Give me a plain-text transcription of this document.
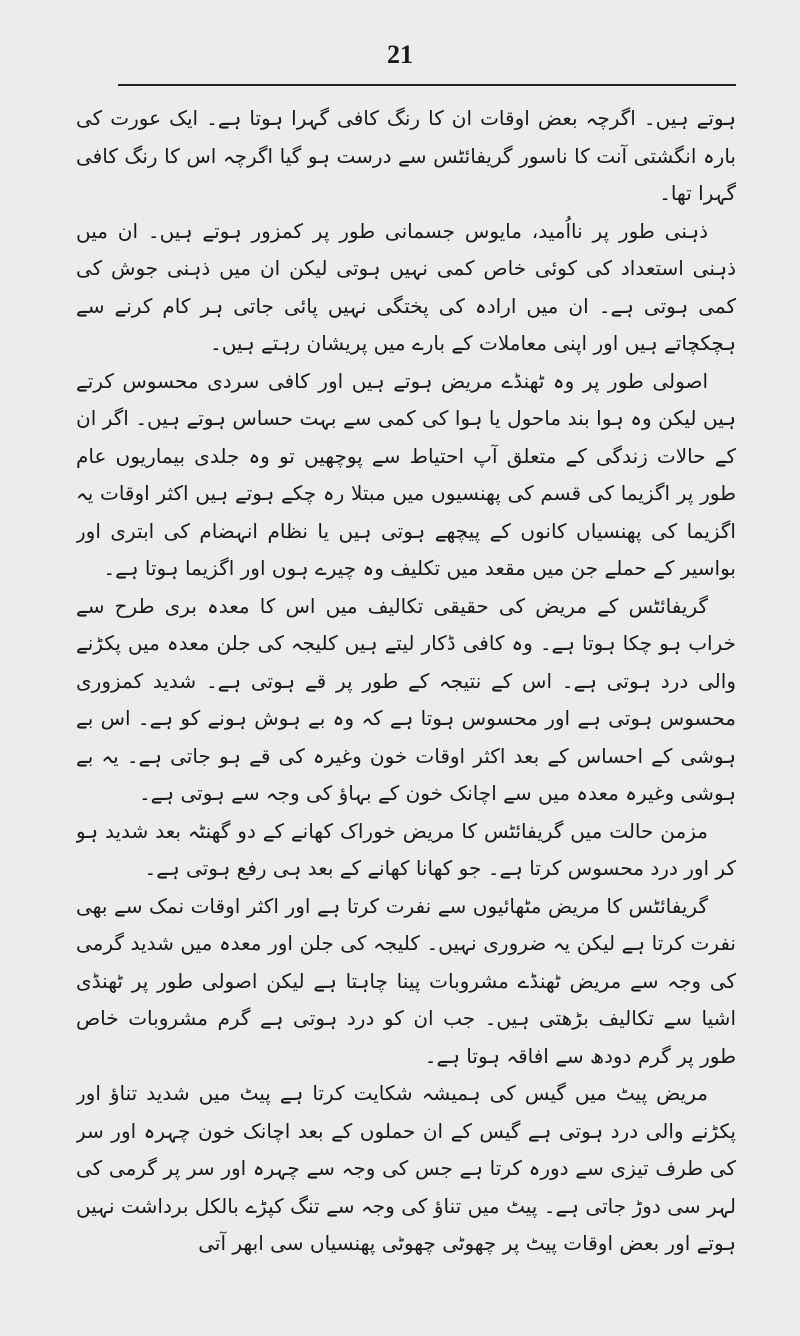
21

ہوتے ہیں۔ اگرچہ بعض اوقات ان کا رنگ کافی گہرا ہوتا ہے۔ ایک عورت کی بارہ انگشتی آنت کا ناسور گریفائٹس سے درست ہو گیا اگرچہ اس کا رنگ کافی گہرا تھا۔

ذہنی طور پر نااُمید، مایوس جسمانی طور پر کمزور ہوتے ہیں۔ ان میں ذہنی استعداد کی کوئی خاص کمی نہیں ہوتی لیکن ان میں ذہنی جوش کی کمی ہوتی ہے۔ ان میں ارادہ کی پختگی نہیں پائی جاتی ہر کام کرنے سے ہچکچاتے ہیں اور اپنی معاملات کے بارے میں پریشان رہتے ہیں۔

اصولی طور پر وہ ٹھنڈے مریض ہوتے ہیں اور کافی سردی محسوس کرتے ہیں لیکن وہ ہوا بند ماحول یا ہوا کی کمی سے بہت حساس ہوتے ہیں۔ اگر ان کے حالات زندگی کے متعلق آپ احتیاط سے پوچھیں تو وہ جلدی بیماریوں عام طور پر اگزیما کی قسم کی پھنسیوں میں مبتلا رہ چکے ہوتے ہیں اکثر اوقات یہ اگزیما کی پھنسیاں کانوں کے پیچھے ہوتی ہیں یا نظام انہضام کی ابتری اور بواسیر کے حملے جن میں مقعد میں تکلیف وہ چیرے ہوں اور اگزیما ہوتا ہے۔

گریفائٹس کے مریض کی حقیقی تکالیف میں اس کا معدہ بری طرح سے خراب ہو چکا ہوتا ہے۔ وہ کافی ڈکار لیتے ہیں کلیجہ کی جلن معدہ میں پکڑنے والی درد ہوتی ہے۔ اس کے نتیجہ کے طور پر قے ہوتی ہے۔ شدید کمزوری محسوس ہوتی ہے اور محسوس ہوتا ہے کہ وہ بے ہوش ہونے کو ہے۔ اس بے ہوشی کے احساس کے بعد اکثر اوقات خون وغیرہ کی قے ہو جاتی ہے۔ یہ بے ہوشی وغیرہ معدہ میں سے اچانک خون کے بہاؤ کی وجہ سے ہوتی ہے۔

مزمن حالت میں گریفائٹس کا مریض خوراک کھانے کے دو گھنٹہ بعد شدید ہو کر اور درد محسوس کرتا ہے۔ جو کھانا کھانے کے بعد ہی رفع ہوتی ہے۔

گریفائٹس کا مریض مٹھائیوں سے نفرت کرتا ہے اور اکثر اوقات نمک سے بھی نفرت کرتا ہے لیکن یہ ضروری نہیں۔ کلیجہ کی جلن اور معدہ میں شدید گرمی کی وجہ سے مریض ٹھنڈے مشروبات پینا چاہتا ہے لیکن اصولی طور پر ٹھنڈی اشیا سے تکالیف بڑھتی ہیں۔ جب ان کو درد ہوتی ہے گرم مشروبات خاص طور پر گرم دودھ سے افاقہ ہوتا ہے۔

مریض پیٹ میں گیس کی ہمیشہ شکایت کرتا ہے پیٹ میں شدید تناؤ اور پکڑنے والی درد ہوتی ہے گیس کے ان حملوں کے بعد اچانک خون چہرہ اور سر کی طرف تیزی سے دورہ کرتا ہے جس کی وجہ سے چہرہ اور سر پر گرمی کی لہر سی دوڑ جاتی ہے۔ پیٹ میں تناؤ کی وجہ سے تنگ کپڑے بالکل برداشت نہیں ہوتے اور بعض اوقات پیٹ پر چھوٹی چھوٹی پھنسیاں سی ابھر آتی
